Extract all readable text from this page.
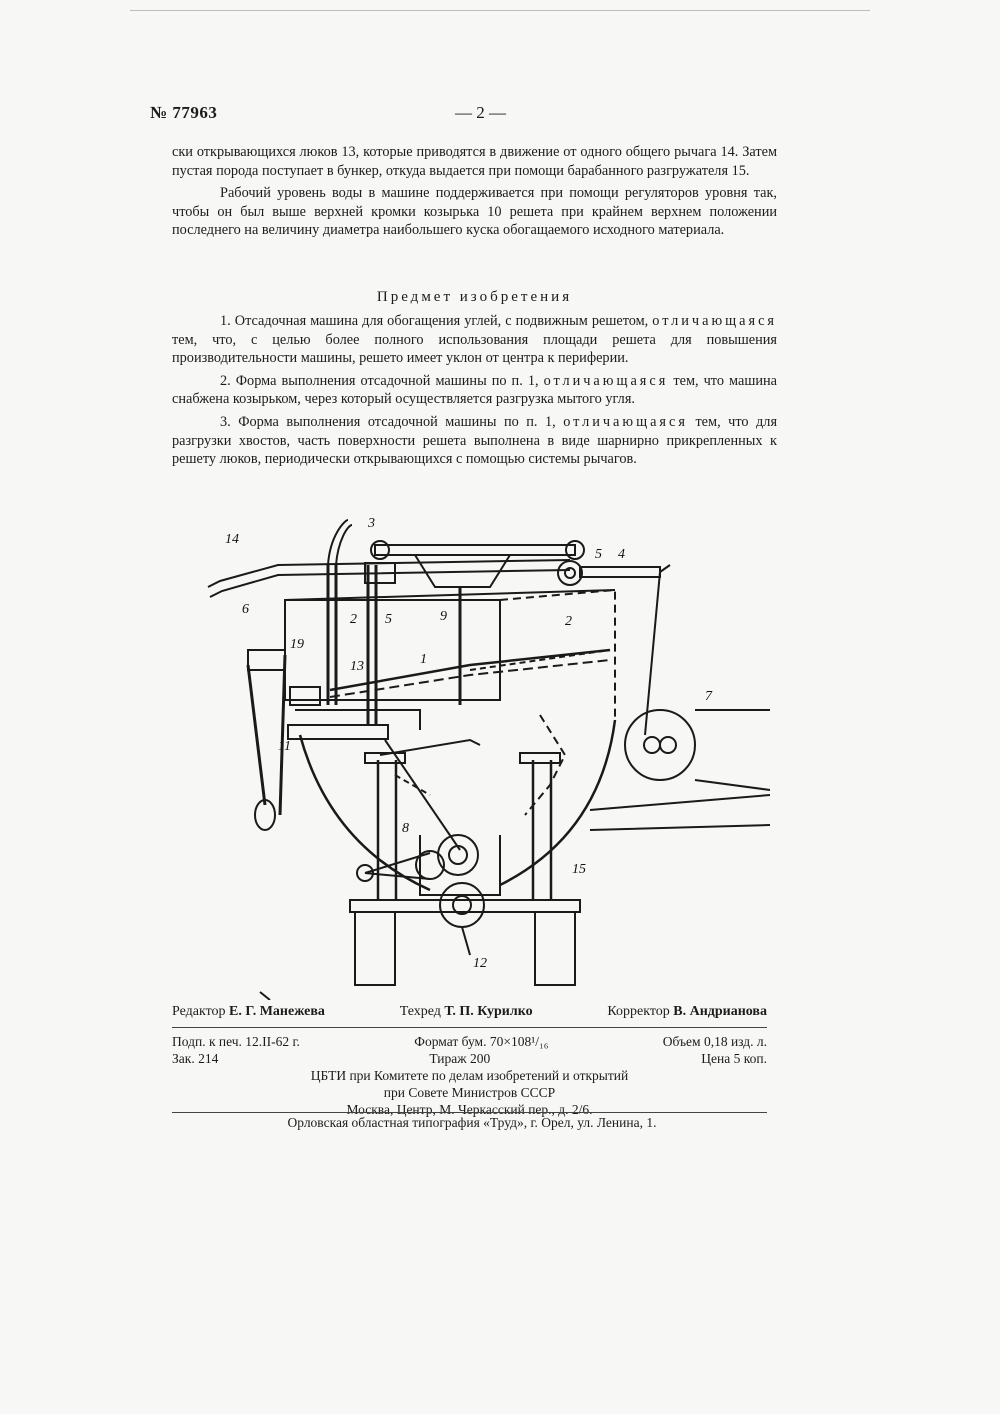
№ 77963	— 2 —

ски открывающихся люков 13, которые приводятся в движение от одного общего рычага 14. Затем пустая порода поступает в бункер, откуда выдается при помощи барабанного разгружателя 15.

Рабочий уровень воды в машине поддерживается при помощи регуляторов уровня так, чтобы он был выше верхней кромки козырька 10 решета при крайнем верхнем положении последнего на величину диаметра наибольшего куска обогащаемого исходного материала.

Предмет изобретения

1. Отсадочная машина для обогащения углей, с подвижным решетом, отличающаяся тем, что, с целью более полного использования площади решета для повышения производительности машины, решето имеет уклон от центра к периферии.

2. Форма выполнения отсадочной машины по п. 1, отличающаяся тем, что машина снабжена козырьком, через который осуществляется разгрузка мытого угля.

3. Форма выполнения отсадочной машины по п. 1, отличающаяся тем, что для разгрузки хвостов, часть поверхности решета выполнена в виде шарнирно прикрепленных к решету люков, периодически открывающихся с помощью системы рычагов.

14
3
5 4
6
2 5	9	2
19
13	1
7
11
8
15
12
Редактор Е. Г. Манежева	Техред Т. П. Курилко	Корректор В. Андрианова
Подп. к печ. 12.II-62 г.	Формат бум. 70×108¹/₁₆	Объем 0,18 изд. л.
Зак. 214	Тираж 200	Цена 5 коп.
ЦБТИ при Комитете по делам изобретений и открытий
при Совете Министров СССР
Москва, Центр, М. Черкасский пер., д. 2/6.
Орловская областная типография «Труд», г. Орел, ул. Ленина, 1.
